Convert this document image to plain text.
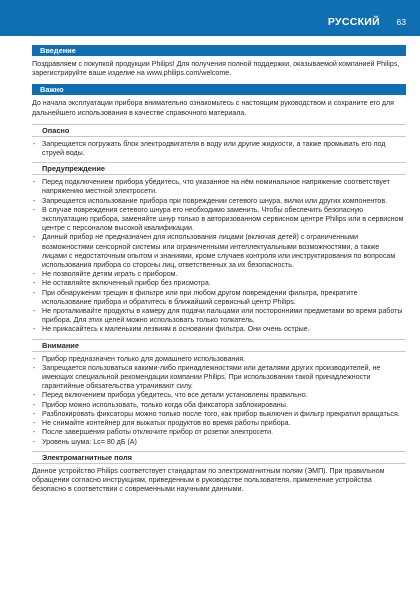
РУССКИЙ 63
Введение

Поздравляем с покупкой продукции Philips! Для получения полной поддержки, оказываемой компанией Philips, зарегистрируйте ваше изделие на www.philips.com/welcome.

Важно

До начала эксплуатации прибора внимательно ознакомьтесь с настоящим руководством и сохраните его для дальнейшего использования в качестве справочного материала.

Опасно
- Запрещается погружать блок электродвигателя в воду или другие жидкости, а также промывать его под струей воды.
Предупреждение
- Перед подключением прибора убедитесь, что указанное на нём номинальное напряжение соответствует напряжению местной электросети.
- Запрещается использование прибора при повреждении сетевого шнура, вилки или других компонентов.
- В случае повреждения сетевого шнура его необходимо заменить. Чтобы обеспечить безопасную эксплуатацию прибора, заменяйте шнур только в авторизованном сервисном центре Philips или в сервисном центре с персоналом высокой квалификации.
- Данный прибор не предназначен для использования лицами (включая детей) с ограниченными возможностями сенсорной системы или ограниченными интеллектуальными возможностями, а также лицами с недостаточным опытом и знаниями, кроме случаев контроля или инструктирования по вопросам использования прибора со стороны лиц, ответственных за их безопасность.
- Не позволяйте детям играть с прибором.
- Не оставляйте включенный прибор без присмотра.
- При обнаружении трещин в фильтре или при любом другом повреждении фильтра, прекратите использование прибора и обратитесь в ближайший сервисный центр Philips.
- Не проталкивайте продукты в камеру для подачи пальцами или посторонними предметами во время работы прибора. Для этих целей можно использовать только толкатель.
- Не прикасайтесь к маленьким лезвиям в основании фильтра. Они очень острые.
Внимание
- Прибор предназначен только для домашнего использования.
- Запрещается пользоваться какими-либо принадлежностями или деталями других производителей, не имеющих специальной рекомендации компании Philips. При использовании такой принадлежности гарантийные обязательства утрачивают силу.
- Перед включением прибора убедитесь, что все детали установлены правильно.
- Прибор можно использовать, только когда оба фиксатора заблокированы.
- Разблокировать фиксаторы можно только после того, как прибор выключен и фильтр прекратил вращаться.
- Не снимайте контейнер для выжатых продуктов во время работы прибора.
- После завершения работы отключите прибор от розетки электросети.
- Уровень шума: Lc= 80 дБ (A)
Электромагнитные поля

Данное устройство Philips соответствует стандартам по электромагнитным полям (ЭМП). При правильном обращении согласно инструкциям, приведенным в руководстве пользователя, применение устройства безопасно в соответствии с современными научными данными.
